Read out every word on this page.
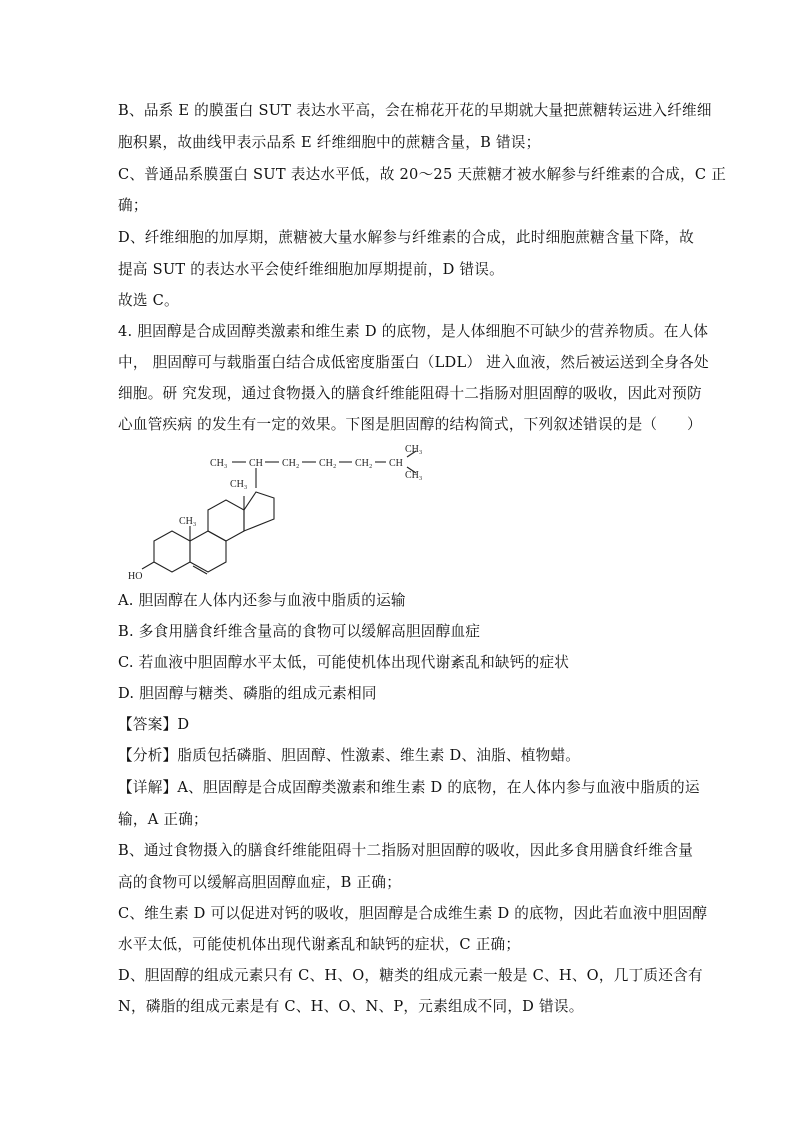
B、品系 E 的膜蛋白 SUT 表达水平高，会在棉花开花的早期就大量把蔗糖转运进入纤维细
胞积累，故曲线甲表示品系 E 纤维细胞中的蔗糖含量，B 错误；
C、普通品系膜蛋白 SUT 表达水平低，故 20～25 天蔗糖才被水解参与纤维素的合成，C 正
确；
D、纤维细胞的加厚期，蔗糖被大量水解参与纤维素的合成，此时细胞蔗糖含量下降，故
提高 SUT 的表达水平会使纤维细胞加厚期提前，D 错误。
故选 C。
4. 胆固醇是合成固醇类激素和维生素 D 的底物，是人体细胞不可缺少的营养物质。在人体
中， 胆固醇可与载脂蛋白结合成低密度脂蛋白（LDL） 进入血液，然后被运送到全身各处
细胞。研 究发现，通过食物摄入的膳食纤维能阻碍十二指肠对胆固醇的吸收，因此对预防
心血管疾病 的发生有一定的效果。下图是胆固醇的结构简式，下列叙述错误的是（　　）
CH₃ CH CH₂ CH₂ CH₂ CH
CH₃
CH₃
CH₃
CH₃
HO
A. 胆固醇在人体内还参与血液中脂质的运输
B. 多食用膳食纤维含量高的食物可以缓解高胆固醇血症
C. 若血液中胆固醇水平太低，可能使机体出现代谢紊乱和缺钙的症状
D. 胆固醇与糖类、磷脂的组成元素相同
【答案】D
【分析】脂质包括磷脂、胆固醇、性激素、维生素 D、油脂、植物蜡。
【详解】A、胆固醇是合成固醇类激素和维生素 D 的底物，在人体内参与血液中脂质的运
输，A 正确；
B、通过食物摄入的膳食纤维能阻碍十二指肠对胆固醇的吸收，因此多食用膳食纤维含量
高的食物可以缓解高胆固醇血症，B 正确；
C、维生素 D 可以促进对钙的吸收，胆固醇是合成维生素 D 的底物，因此若血液中胆固醇
水平太低，可能使机体出现代谢紊乱和缺钙的症状，C 正确；
D、胆固醇的组成元素只有 C、H、O，糖类的组成元素一般是 C、H、O，几丁质还含有
N，磷脂的组成元素是有 C、H、O、N、P，元素组成不同，D 错误。
